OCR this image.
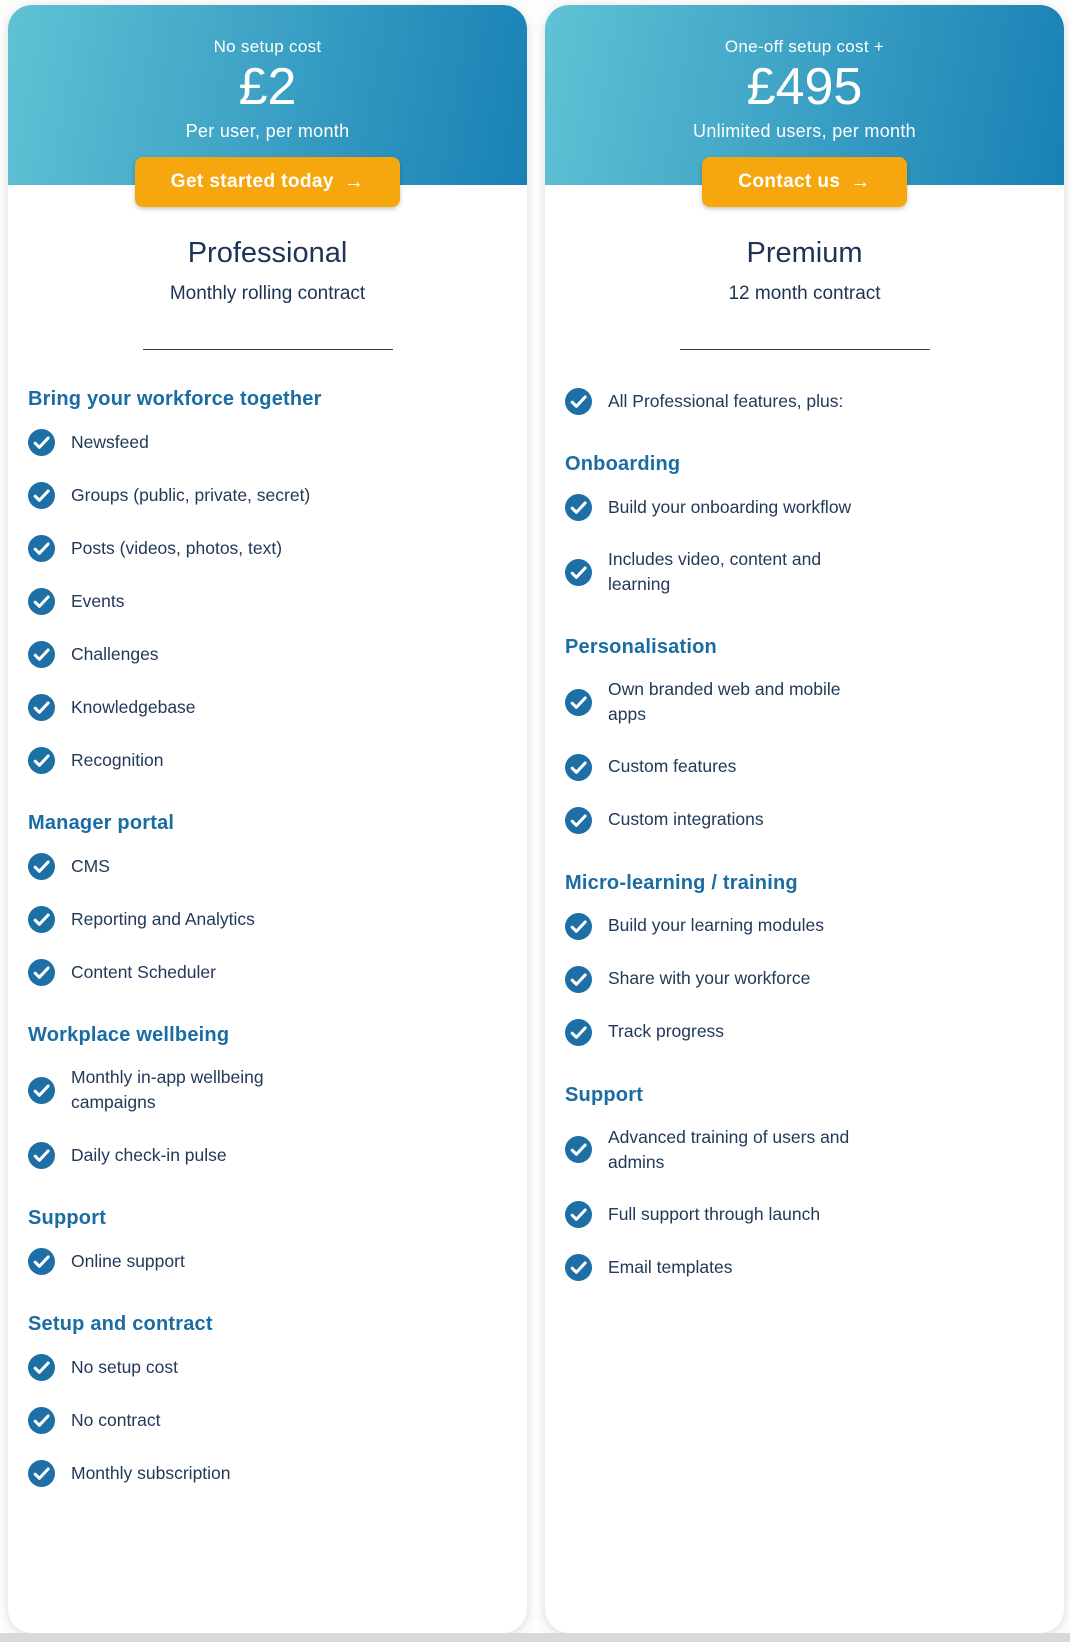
No setup cost
£2
Per user, per month
Get started today →
Professional
Monthly rolling contract
Bring your workforce together
Newsfeed
Groups (public, private, secret)
Posts (videos, photos, text)
Events
Challenges
Knowledgebase
Recognition
Manager portal
CMS
Reporting and Analytics
Content Scheduler
Workplace wellbeing
Monthly in-app wellbeing campaigns
Daily check-in pulse
Support
Online support
Setup and contract
No setup cost
No contract
Monthly subscription
One-off setup cost +
£495
Unlimited users, per month
Contact us →
Premium
12 month contract
All Professional features, plus:
Onboarding
Build your onboarding workflow
Includes video, content and learning
Personalisation
Own branded web and mobile apps
Custom features
Custom integrations
Micro-learning / training
Build your learning modules
Share with your workforce
Track progress
Support
Advanced training of users and admins
Full support through launch
Email templates
